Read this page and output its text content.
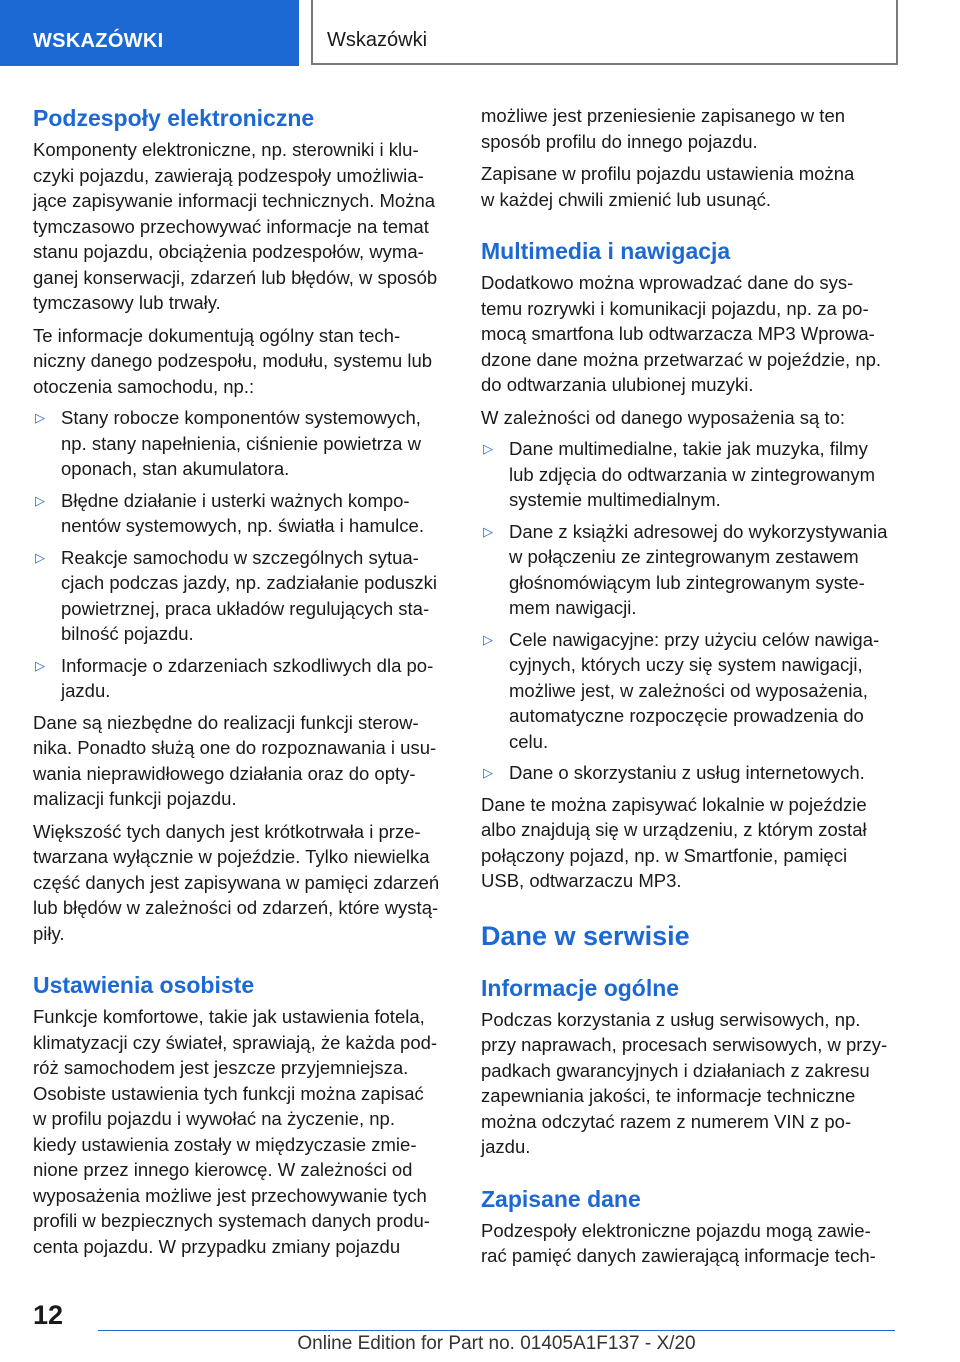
WSKAZÓWKI	Wskazówki
Podzespoły elektroniczne

Komponenty elektroniczne, np. sterowniki i klu-
czyki pojazdu, zawierają podzespoły umożliwia-
jące zapisywanie informacji technicznych. Można
tymczasowo przechowywać informacje na temat
stanu pojazdu, obciążenia podzespołów, wyma-
ganej konserwacji, zdarzeń lub błędów, w sposób
tymczasowy lub trwały.

Te informacje dokumentują ogólny stan tech-
niczny danego podzespołu, modułu, systemu lub
otoczenia samochodu, np.:

▷ Stany robocze komponentów systemowych,
np. stany napełnienia, ciśnienie powietrza w
oponach, stan akumulatora.
▷ Błędne działanie i usterki ważnych kompo-
nentów systemowych, np. światła i hamulce.
▷ Reakcje samochodu w szczególnych sytua-
cjach podczas jazdy, np. zadziałanie poduszki
powietrznej, praca układów regulujących sta-
bilność pojazdu.
▷ Informacje o zdarzeniach szkodliwych dla po-
jazdu.

Dane są niezbędne do realizacji funkcji sterow-
nika. Ponadto służą one do rozpoznawania i usu-
wania nieprawidłowego działania oraz do opty-
malizacji funkcji pojazdu.

Większość tych danych jest krótkotrwała i prze-
twarzana wyłącznie w pojeździe. Tylko niewielka
część danych jest zapisywana w pamięci zdarzeń
lub błędów w zależności od zdarzeń, które wystą-
piły.

Ustawienia osobiste

Funkcje komfortowe, takie jak ustawienia fotela,
klimatyzacji czy świateł, sprawiają, że każda pod-
róż samochodem jest jeszcze przyjemniejsza.
Osobiste ustawienia tych funkcji można zapisać
w profilu pojazdu i wywołać na życzenie, np.
kiedy ustawienia zostały w międzyczasie zmie-
nione przez innego kierowcę. W zależności od
wyposażenia możliwe jest przechowywanie tych
profili w bezpiecznych systemach danych produ-
centa pojazdu. W przypadku zmiany pojazdu

możliwe jest przeniesienie zapisanego w ten
sposób profilu do innego pojazdu.

Zapisane w profilu pojazdu ustawienia można
w każdej chwili zmienić lub usunąć.

Multimedia i nawigacja

Dodatkowo można wprowadzać dane do sys-
temu rozrywki i komunikacji pojazdu, np. za po-
mocą smartfona lub odtwarzacza MP3 Wprowa-
dzone dane można przetwarzać w pojeździe, np.
do odtwarzania ulubionej muzyki.

W zależności od danego wyposażenia są to:

▷ Dane multimedialne, takie jak muzyka, filmy
lub zdjęcia do odtwarzania w zintegrowanym
systemie multimedialnym.
▷ Dane z książki adresowej do wykorzystywania
w połączeniu ze zintegrowanym zestawem
głośnomówiącym lub zintegrowanym syste-
mem nawigacji.
▷ Cele nawigacyjne: przy użyciu celów nawiga-
cyjnych, których uczy się system nawigacji,
możliwe jest, w zależności od wyposażenia,
automatyczne rozpoczęcie prowadzenia do
celu.
▷ Dane o skorzystaniu z usług internetowych.

Dane te można zapisywać lokalnie w pojeździe
albo znajdują się w urządzeniu, z którym został
połączony pojazd, np. w Smartfonie, pamięci
USB, odtwarzaczu MP3.

Dane w serwisie
Informacje ogólne

Podczas korzystania z usług serwisowych, np.
przy naprawach, procesach serwisowych, w przy-
padkach gwarancyjnych i działaniach z zakresu
zapewniania jakości, te informacje techniczne
można odczytać razem z numerem VIN z po-
jazdu.

Zapisane dane

Podzespoły elektroniczne pojazdu mogą zawie-
rać pamięć danych zawierającą informacje tech-

12
Online Edition for Part no. 01405A1F137 - X/20
